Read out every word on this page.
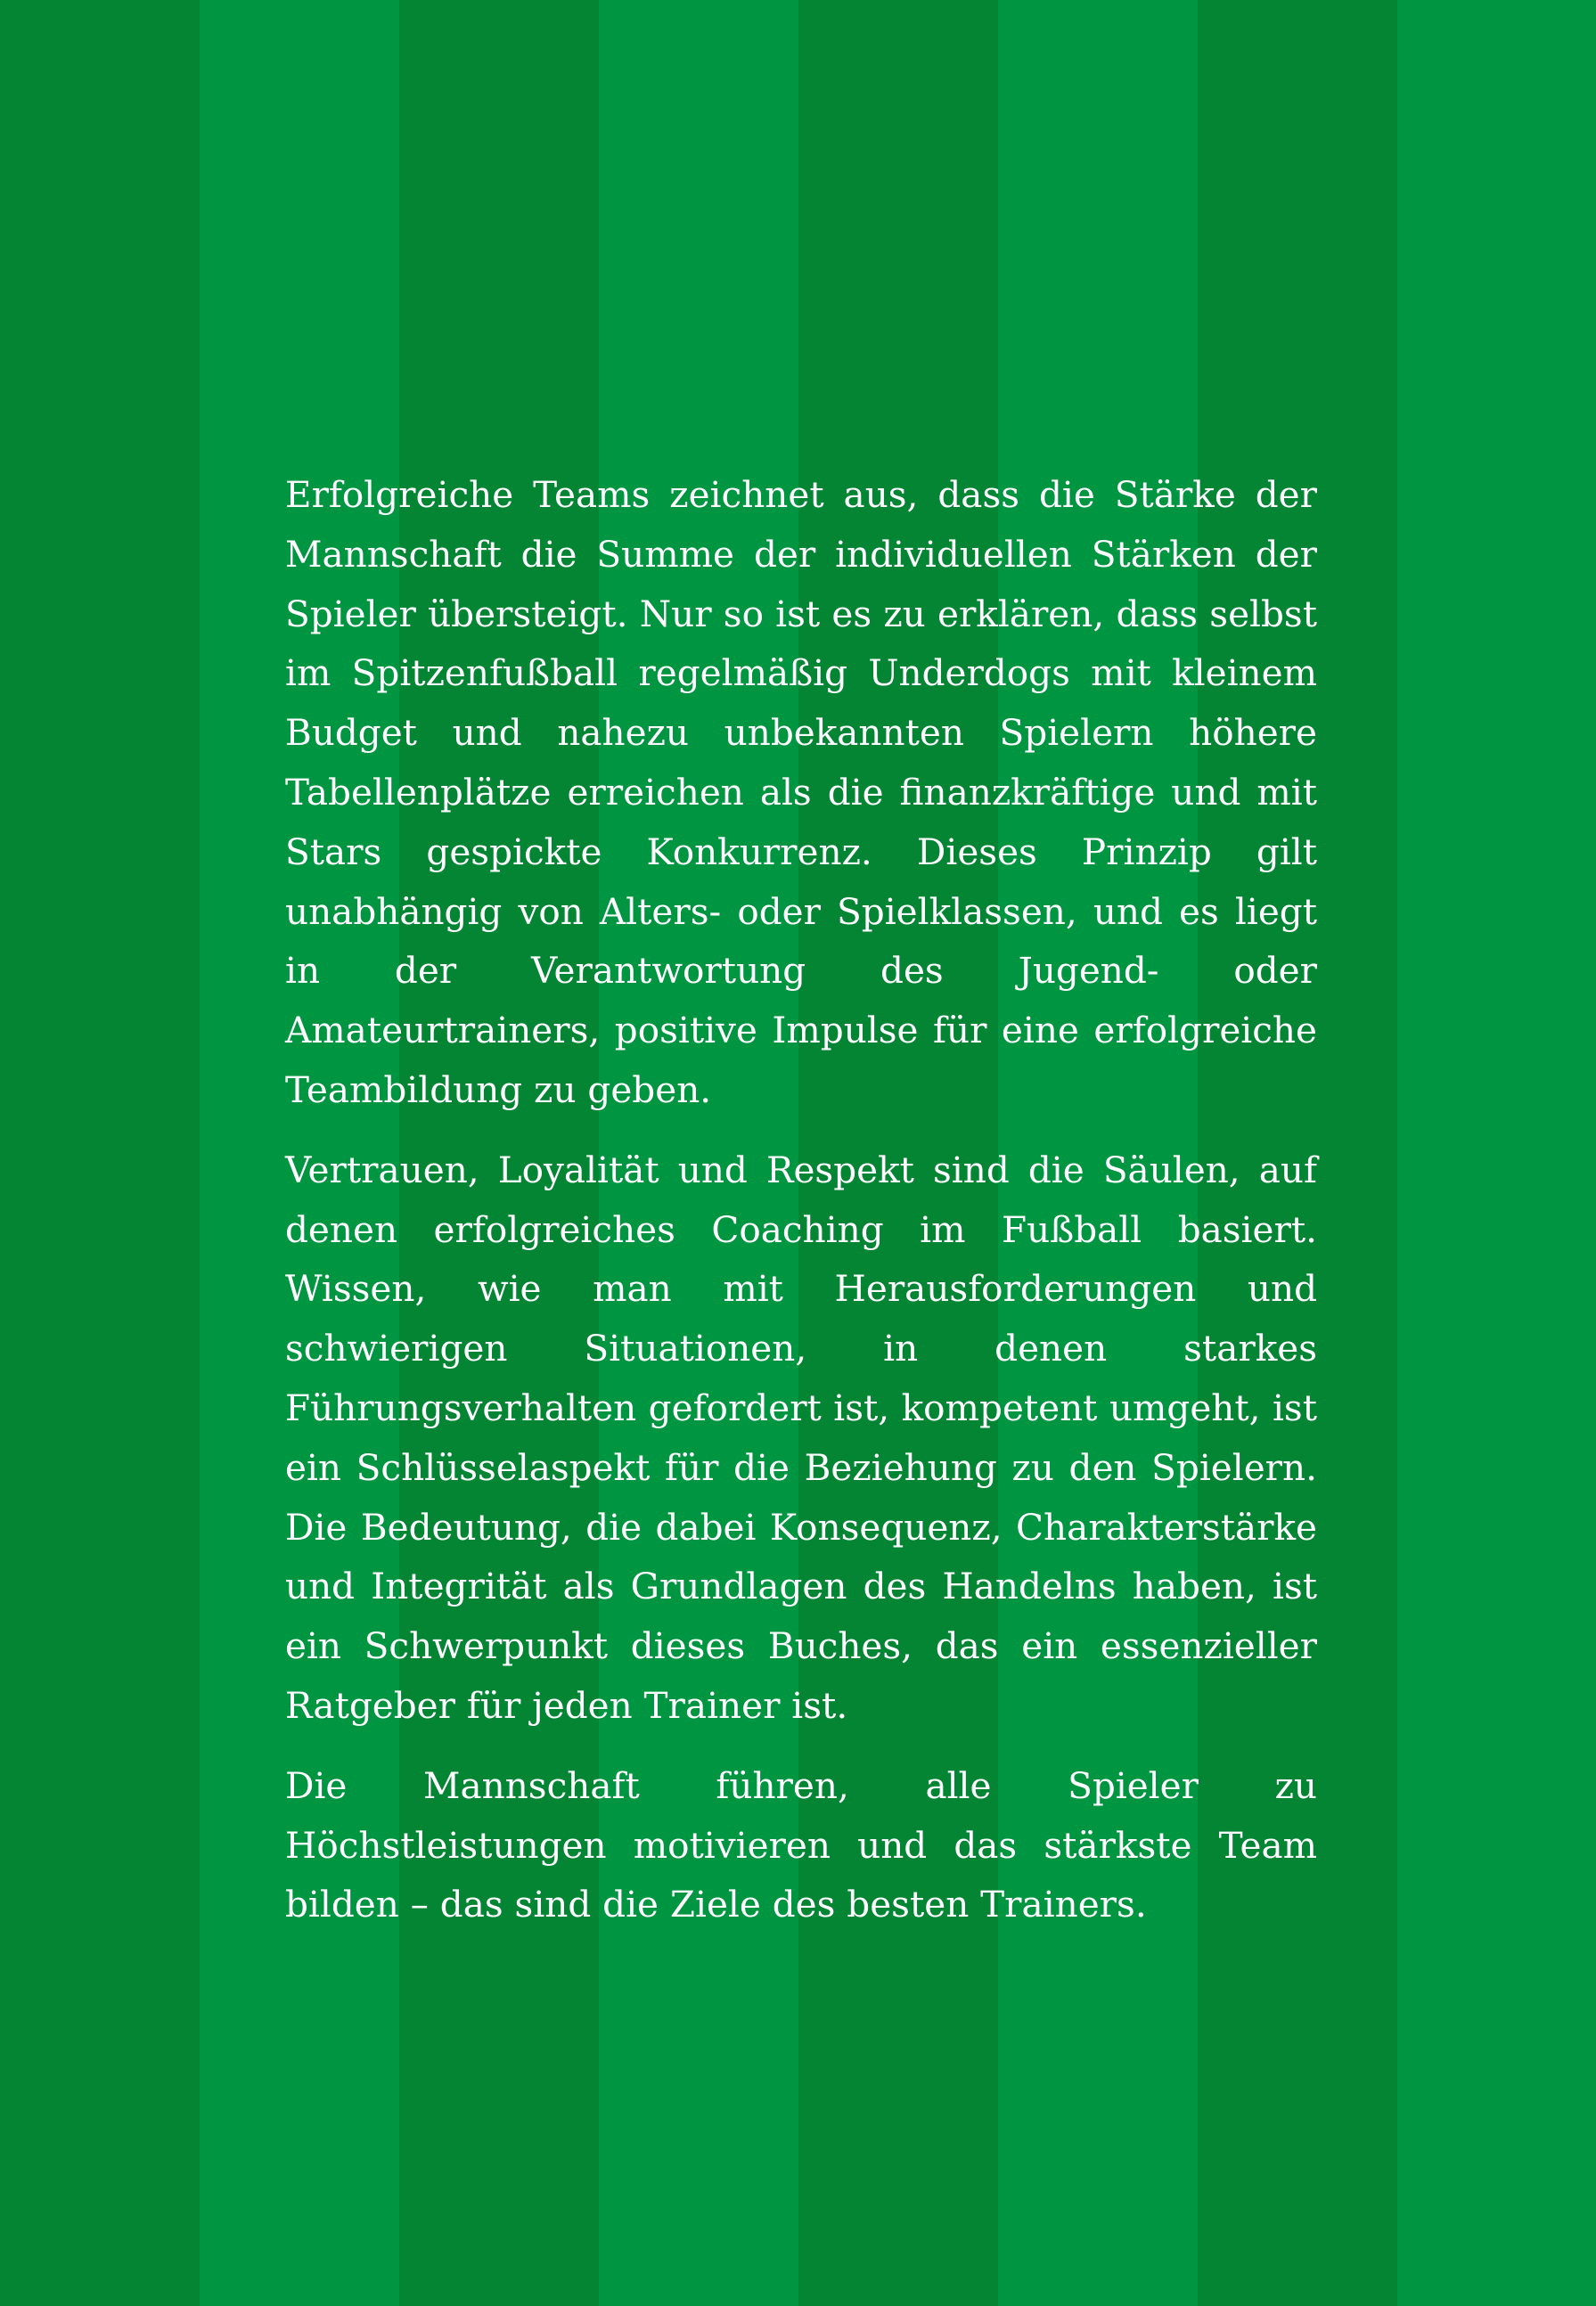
Erfolgreiche Teams zeichnet aus, dass die Stärke der Mannschaft die Summe der individuellen Stärken der Spieler übersteigt. Nur so ist es zu erklären, dass selbst im Spitzenfußball regelmäßig Underdogs mit kleinem Budget und nahezu unbekannten Spielern höhere Tabellenplätze erreichen als die finanzkräftige und mit Stars gespickte Konkurrenz. Dieses Prinzip gilt unabhängig von Alters- oder Spielklassen, und es liegt in der Verantwortung des Jugend- oder Amateurtrainers, positive Impulse für eine erfolgreiche Teambildung zu geben.

Vertrauen, Loyalität und Respekt sind die Säulen, auf denen erfolgreiches Coaching im Fußball basiert. Wissen, wie man mit Herausforderungen und schwierigen Situationen, in denen starkes Führungsverhalten gefordert ist, kompetent umgeht, ist ein Schlüsselaspekt für die Beziehung zu den Spielern. Die Bedeutung, die dabei Konsequenz, Charakterstärke und Integrität als Grundlagen des Handelns haben, ist ein Schwerpunkt dieses Buches, das ein essenzieller Ratgeber für jeden Trainer ist.

Die Mannschaft führen, alle Spieler zu Höchstleistungen motivieren und das stärkste Team bilden – das sind die Ziele des besten Trainers.
